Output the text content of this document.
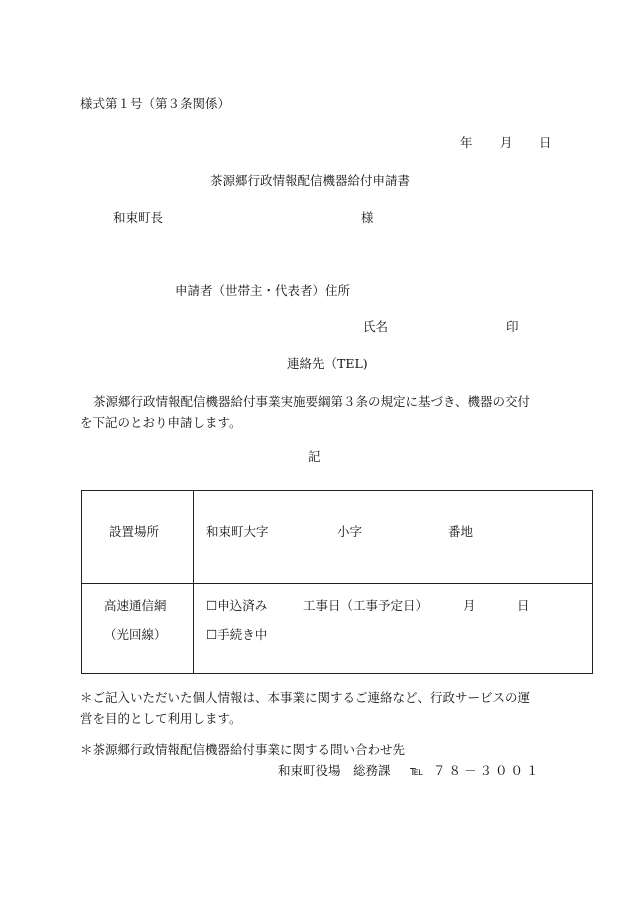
様式第１号（第３条関係）
年 月 日
茶源郷行政情報配信機器給付申請書
和束町長	様
申請者（世帯主・代表者）住所
氏名	印
連絡先（TEL)
茶源郷行政情報配信機器給付事業実施要綱第３条の規定に基づき、機器の交付
を下記のとおり申請します。
記
設置場所	和束町大字	小字	番地
高速通信網
（光回線）
☐申込済み	工事日（工事予定日）	月	日
☐手続き中
＊ご記入いただいた個人情報は、本事業に関するご連絡など、行政サービスの運
営を目的として利用します。
＊茶源郷行政情報配信機器給付事業に関する問い合わせ先
和束町役場　総務課 ℡ ７８－３００１
